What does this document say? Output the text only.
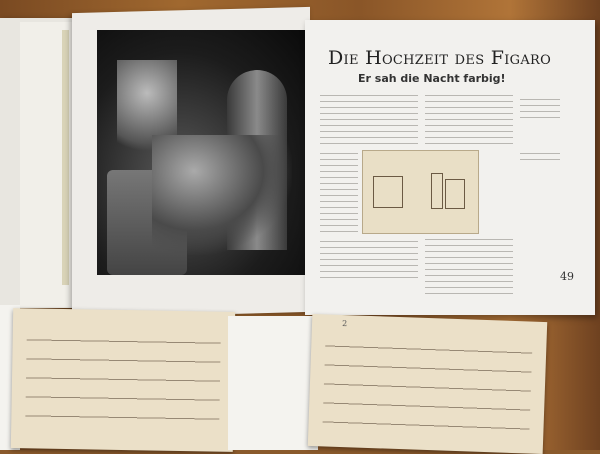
Die Hochzeit des Figaro
Er sah die Nacht farbig!
49
2
